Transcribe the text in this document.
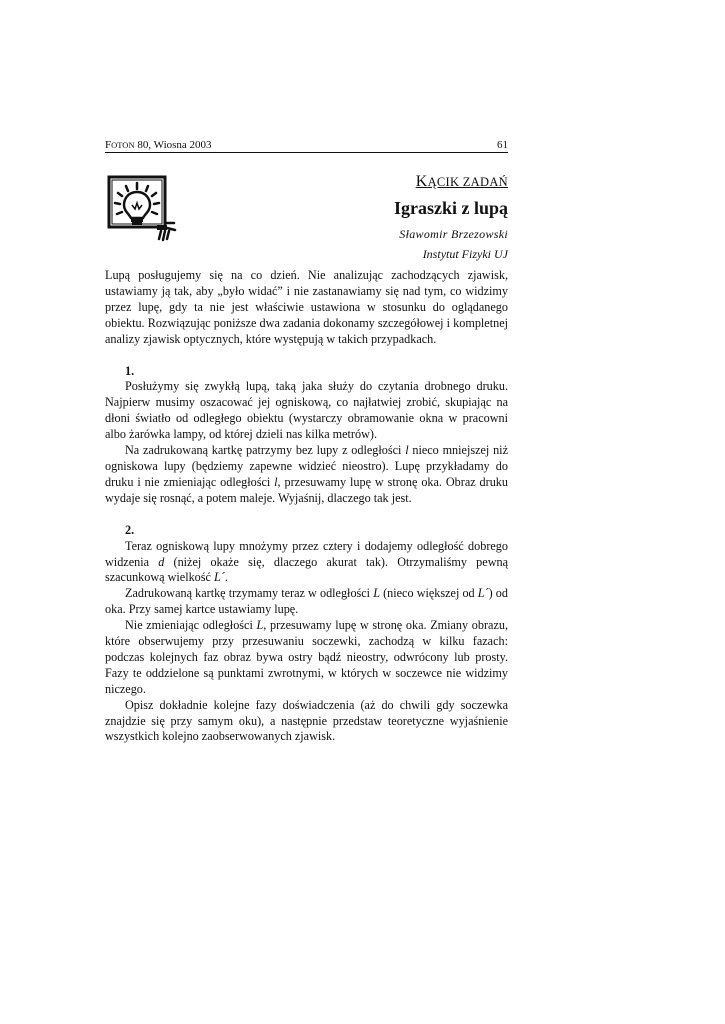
FOTON 80, Wiosna 2003	61
KĄCIK ZADAŃ
Igraszki z lupą
Sławomir Brzezowski
Instytut Fizyki UJ

Lupą posługujemy się na co dzień. Nie analizując zachodzących zjawisk, ustawiamy ją tak, aby „było widać” i nie zastanawiamy się nad tym, co widzimy przez lupę, gdy ta nie jest właściwie ustawiona w stosunku do oglądanego obiektu. Rozwiązując poniższe dwa zadania dokonamy szczegółowej i kompletnej analizy zjawisk optycznych, które występują w takich przypadkach.

1.

Posłużymy się zwykłą lupą, taką jaka służy do czytania drobnego druku. Najpierw musimy oszacować jej ogniskową, co najłatwiej zrobić, skupiając na dłoni światło od odległego obiektu (wystarczy obramowanie okna w pracowni albo żarówka lampy, od której dzieli nas kilka metrów).

Na zadrukowaną kartkę patrzymy bez lupy z odległości l nieco mniejszej niż ogniskowa lupy (będziemy zapewne widzieć nieostro). Lupę przykładamy do druku i nie zmieniając odległości l, przesuwamy lupę w stronę oka. Obraz druku wydaje się rosnąć, a potem maleje. Wyjaśnij, dlaczego tak jest.

2.

Teraz ogniskową lupy mnożymy przez cztery i dodajemy odległość dobrego widzenia d (niżej okaże się, dlaczego akurat tak). Otrzymaliśmy pewną szacunkową wielkość L´.

Zadrukowaną kartkę trzymamy teraz w odległości L (nieco większej od L´) od oka. Przy samej kartce ustawiamy lupę.

Nie zmieniając odległości L, przesuwamy lupę w stronę oka. Zmiany obrazu, które obserwujemy przy przesuwaniu soczewki, zachodzą w kilku fazach: podczas kolejnych faz obraz bywa ostry bądź nieostry, odwrócony lub prosty. Fazy te oddzielone są punktami zwrotnymi, w których w soczewce nie widzimy niczego.

Opisz dokładnie kolejne fazy doświadczenia (aż do chwili gdy soczewka znajdzie się przy samym oku), a następnie przedstaw teoretyczne wyjaśnienie wszystkich kolejno zaobserwowanych zjawisk.
